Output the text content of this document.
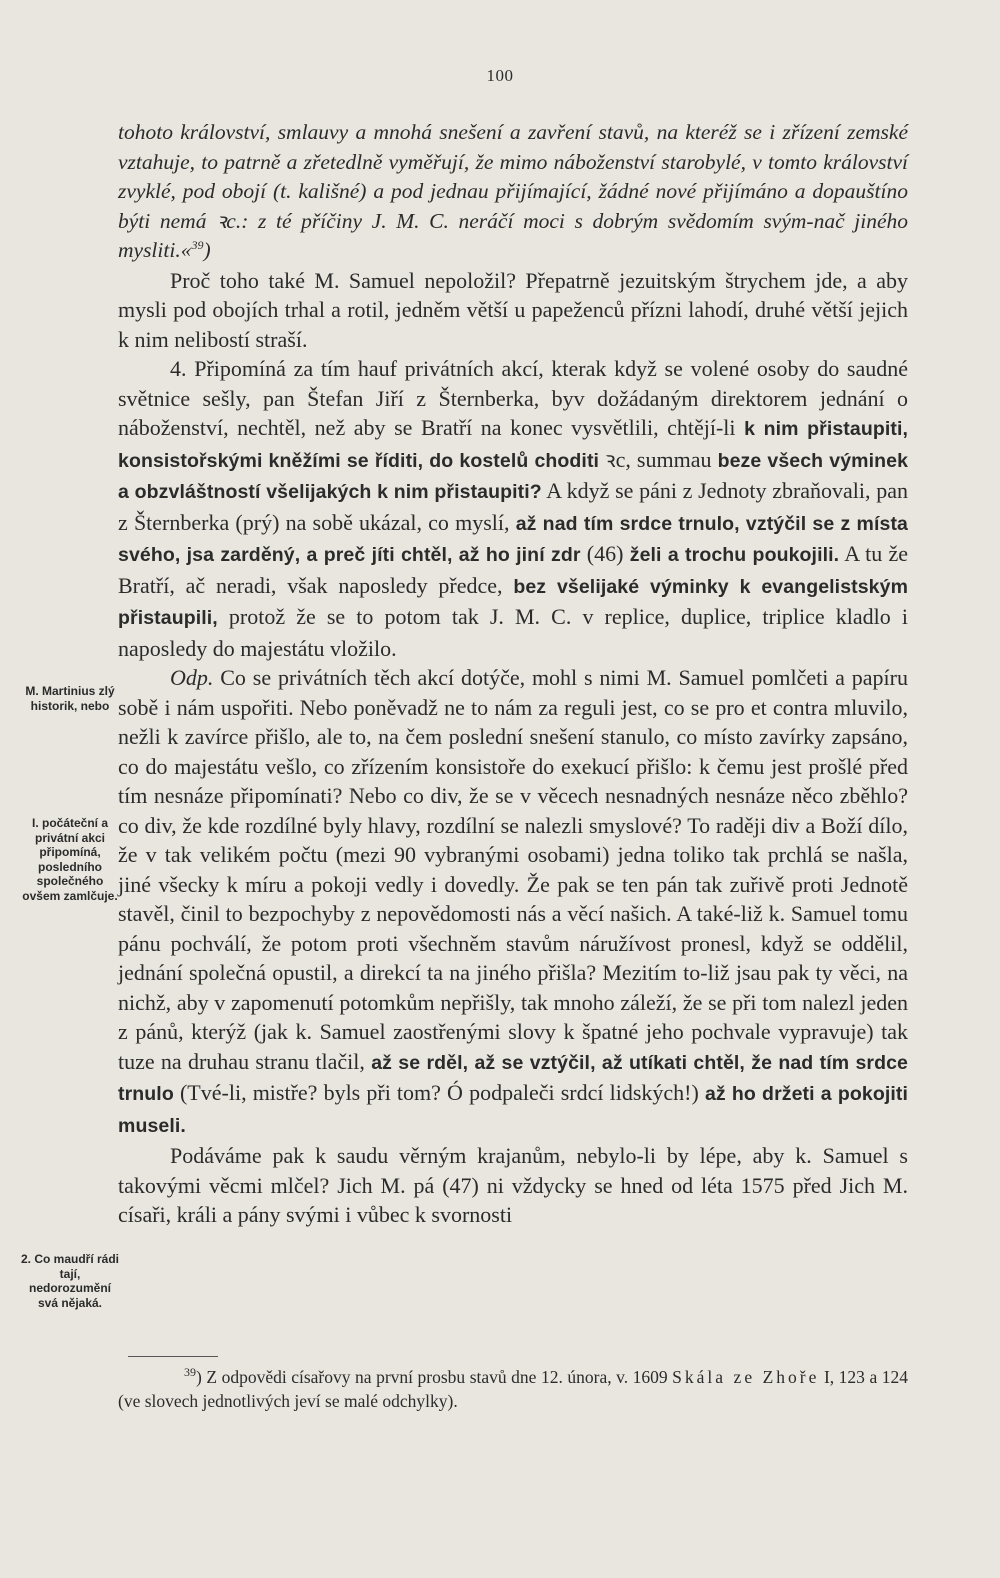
100

tohoto království, smlauvy a mnohá snešení a zavření stavů, na kteréž se i zřízení zemské vztahuje, to patrně a zřetedlně vyměřují, že mimo náboženství starobylé, v tomto království zvyklé, pod obojí (t. kališné) a pod jednau přijímající, žádné nové přijímáno a dopauštíno býti nemá ꝛc.: z té příčiny J. M. C. neráčí moci s dobrým svědomím svým-nač jiného mysliti.«$^{39}$)

Proč toho také M. Samuel nepoložil? Přepatrně jezuitským štrychem jde, a aby mysli pod obojích trhal a rotil, jedněm větší u papeženců přízni lahodí, druhé větší jejich k nim nelibostí straší.

4. Připomíná za tím hauf privátních akcí, kterak když se volené osoby do saudné světnice sešly, pan Štefan Jiří z Šternberka, byv dožádaným direktorem jednání o náboženství, nechtěl, než aby se Bratří na konec vysvětlili, chtějí-li k nim přistaupiti, konsistořskými kněžími se říditi, do kostelů choditi ꝛc, summau beze všech výminek a obzvláštností všelijakých k nim přistaupiti? A když se páni z Jednoty zbraňovali, pan z Šternberka (prý) na sobě ukázal, co myslí, až nad tím srdce trnulo, vztýčil se z místa svého, jsa zarděný, a preč jíti chtěl, až ho jiní zdr (46) želi a trochu poukojili. A tu že Bratří, ač neradi, však naposledy předce, bez všelijaké výminky k evangelistským přistaupili, protož že se to potom tak J. M. C. v replice, duplice, triplice kladlo i naposledy do majestátu vložilo.

Odp. Co se privátních těch akcí dotýče, mohl s nimi M. Samuel pomlčeti a papíru sobě i nám uspořiti. Nebo poněvadž ne to nám za reguli jest, co se pro et contra mluvilo, nežli k zavírce přišlo, ale to, na čem poslední snešení stanulo, co místo zavírky zapsáno, co do majestátu vešlo, co zřízením konsistoře do exekucí přišlo: k čemu jest prošlé před tím nesnáze připomínati? Nebo co div, že se v věcech nesnadných nesnáze něco zběhlo? co div, že kde rozdílné byly hlavy, rozdílní se nalezli smyslové? To raději div a Boží dílo, že v tak velikém počtu (mezi 90 vybranými osobami) jedna toliko tak prchlá se našla, jiné všecky k míru a pokoji vedly i dovedly. Že pak se ten pán tak zuřivě proti Jednotě stavěl, činil to bezpochyby z nepovědomosti nás a věcí našich. A také-liž k. Samuel tomu pánu pochválí, že potom proti všechněm stavům náružívost pronesl, když se oddělil, jednání společná opustil, a direkcí ta na jiného přišla? Mezitím to-liž jsau pak ty věci, na nichž, aby v zapomenutí potomkům nepřišly, tak mnoho záleží, že se při tom nalezl jeden z pánů, kterýž (jak k. Samuel zaostřenými slovy k špatné jeho pochvale vypravuje) tak tuze na druhau stranu tlačil, až se rděl, až se vztýčil, až utíkati chtěl, že nad tím srdce trnulo (Tvé-li, mistře? byls při tom? Ó podpaleči srdcí lidských!) až ho držeti a pokojiti museli.

Podáváme pak k saudu věrným krajanům, nebylo-li by lépe, aby k. Samuel s takovými věcmi mlčel? Jich M. pá (47) ni vždycky se hned od léta 1575 před Jich M. císaři, králi a pány svými i vůbec k svornosti

M. Martinius zlý historik, nebo
I. počáteční a privátní akci připomíná, posledního společného ovšem zamlčuje.
2. Co maudří rádi tají, nedorozumění svá nějaká.
$^{39}$) Z odpovědi císařovy na první prosbu stavů dne 12. února, v. 1609 Skála ze Zhoře I, 123 a 124 (ve slovech jednotlivých jeví se malé odchylky).
